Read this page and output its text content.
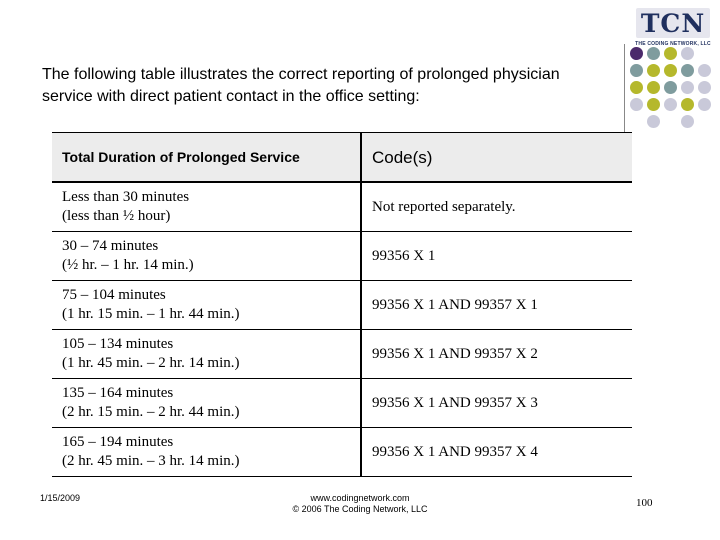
TCN
THE CODING NETWORK, LLC
The following table illustrates the correct reporting of prolonged physician service with direct patient contact in the office setting:
Total Duration of Prolonged Service	Code(s)

Less than 30 minutes
(less than ½ hour)	Not reported separately.

30 – 74 minutes
(½ hr. – 1 hr. 14 min.)	99356 X 1

75 – 104 minutes
(1 hr. 15 min. – 1 hr. 44 min.)	99356 X 1 AND 99357 X 1

105 – 134 minutes
(1 hr. 45 min. – 2 hr. 14 min.)	99356 X 1 AND 99357 X 2

135 – 164 minutes
(2 hr. 15 min. – 2 hr. 44 min.)	99356 X 1 AND 99357 X 3

165 – 194 minutes
(2 hr. 45 min. – 3 hr. 14 min.)	99356 X 1 AND 99357 X 4
1/15/2009	www.codingnetwork.com
© 2006 The Coding Network, LLC	100
